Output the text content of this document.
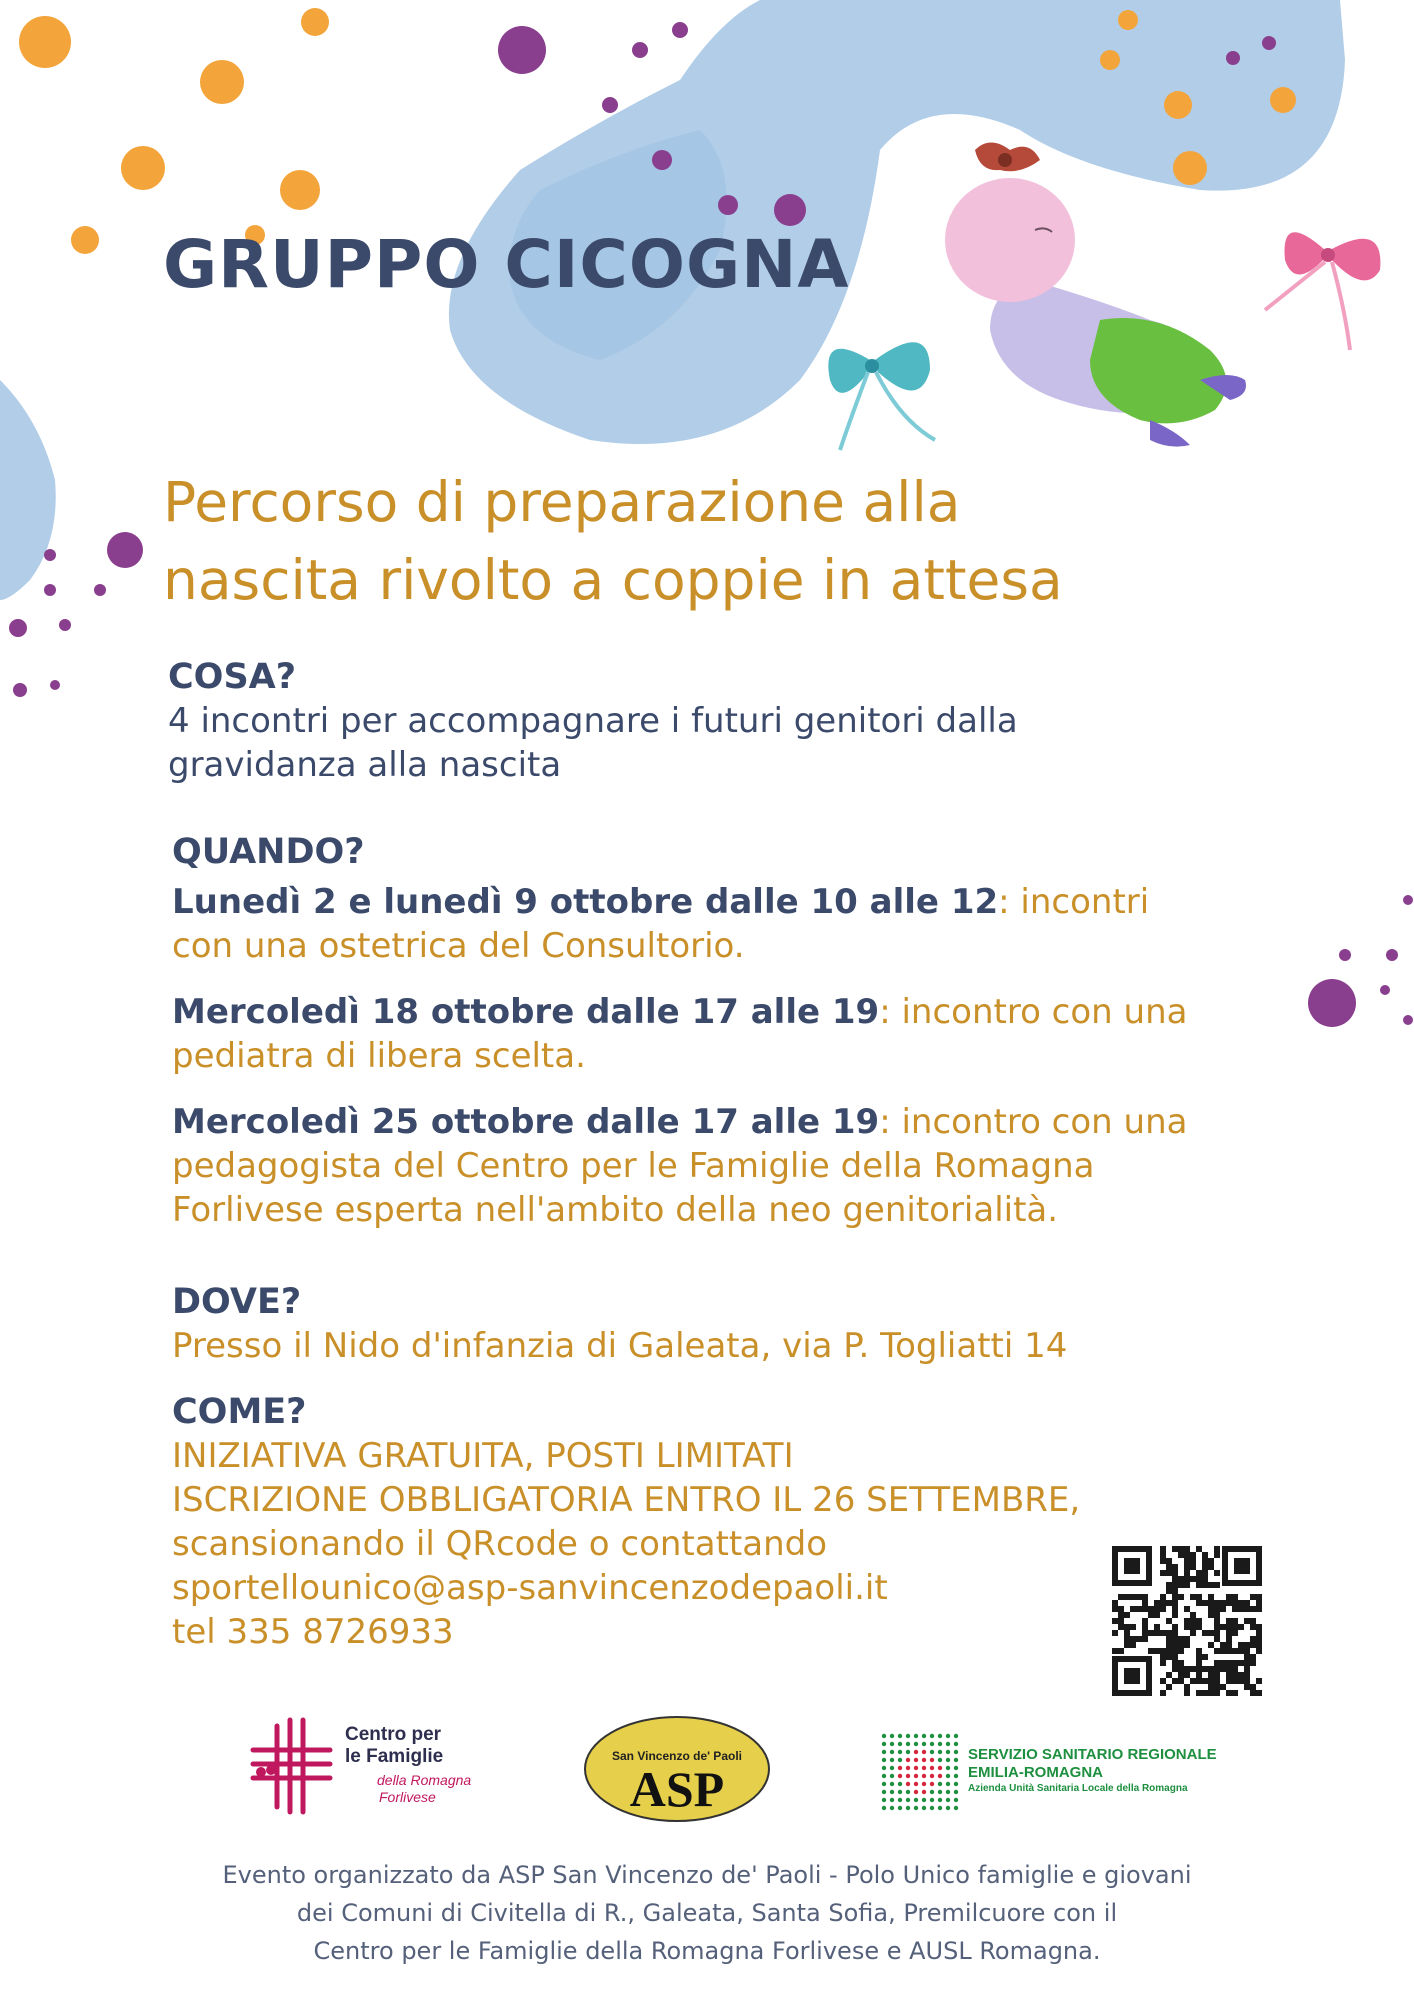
GRUPPO CICOGNA
Percorso di preparazione alla
nascita rivolto a coppie in attesa

COSA?

4 incontri per accompagnare i futuri genitori dalla

gravidanza alla nascita

QUANDO?

Lunedì 2 e lunedì 9 ottobre dalle 10 alle 12: incontri

con una ostetrica del Consultorio.

Mercoledì 18 ottobre dalle 17 alle 19: incontro con una

pediatra di libera scelta.

Mercoledì 25 ottobre dalle 17 alle 19: incontro con una

pedagogista del Centro per le Famiglie della Romagna

Forlivese esperta nell'ambito della neo genitorialità.

DOVE?

Presso il Nido d'infanzia di Galeata, via P. Togliatti 14

COME?

INIZIATIVA GRATUITA, POSTI LIMITATI

ISCRIZIONE OBBLIGATORIA ENTRO IL 26 SETTEMBRE,

scansionando il QRcode o contattando

sportellounico@asp-sanvincenzodepaoli.it

tel 335 8726933

Centro per
le Famiglie
della Romagna
Forlivese
San Vincenzo de' Paoli
ASP
SERVIZIO SANITARIO REGIONALE
EMILIA-ROMAGNA
Azienda Unità Sanitaria Locale della Romagna

Evento organizzato da ASP San Vincenzo de' Paoli - Polo Unico famiglie e giovani

dei Comuni di Civitella di R., Galeata, Santa Sofia, Premilcuore con il

Centro per le Famiglie della Romagna Forlivese e AUSL Romagna.
